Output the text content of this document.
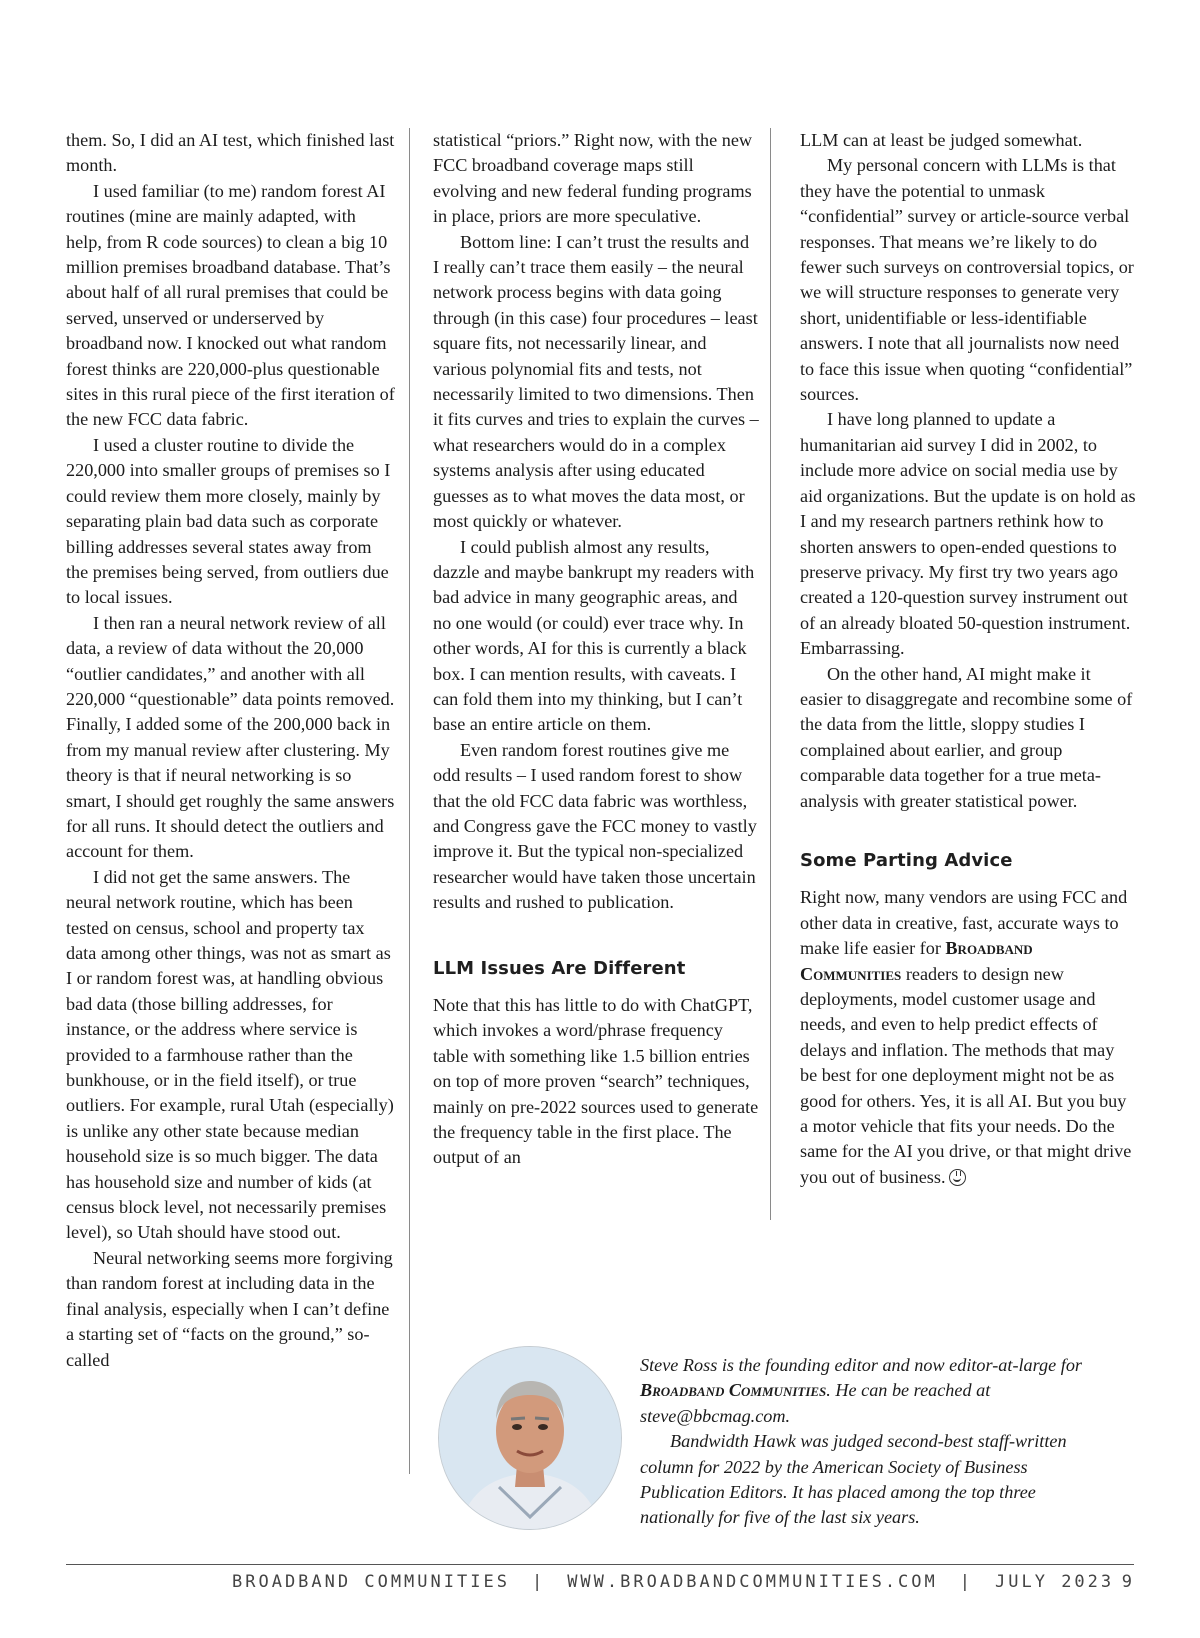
them. So, I did an AI test, which finished last month.

I used familiar (to me) random forest AI routines (mine are mainly adapted, with help, from R code sources) to clean a big 10 million premises broadband database. That’s about half of all rural premises that could be served, unserved or underserved by broadband now. I knocked out what random forest thinks are 220,000-plus questionable sites in this rural piece of the first iteration of the new FCC data fabric.

I used a cluster routine to divide the 220,000 into smaller groups of premises so I could review them more closely, mainly by separating plain bad data such as corporate billing addresses several states away from the premises being served, from outliers due to local issues.

I then ran a neural network review of all data, a review of data without the 20,000 “outlier candidates,” and another with all 220,000 “questionable” data points removed. Finally, I added some of the 200,000 back in from my manual review after clustering. My theory is that if neural networking is so smart, I should get roughly the same answers for all runs. It should detect the outliers and account for them.

I did not get the same answers. The neural network routine, which has been tested on census, school and property tax data among other things, was not as smart as I or random forest was, at handling obvious bad data (those billing addresses, for instance, or the address where service is provided to a farmhouse rather than the bunkhouse, or in the field itself), or true outliers. For example, rural Utah (especially) is unlike any other state because median household size is so much bigger. The data has household size and number of kids (at census block level, not necessarily premises level), so Utah should have stood out.

Neural networking seems more forgiving than random forest at including data in the final analysis, especially when I can’t define a starting set of “facts on the ground,” so-called

statistical “priors.” Right now, with the new FCC broadband coverage maps still evolving and new federal funding programs in place, priors are more speculative.

Bottom line: I can’t trust the results and I really can’t trace them easily – the neural network process begins with data going through (in this case) four procedures – least square fits, not necessarily linear, and various polynomial fits and tests, not necessarily limited to two dimensions. Then it fits curves and tries to explain the curves – what researchers would do in a complex systems analysis after using educated guesses as to what moves the data most, or most quickly or whatever.

I could publish almost any results, dazzle and maybe bankrupt my readers with bad advice in many geographic areas, and no one would (or could) ever trace why. In other words, AI for this is currently a black box. I can mention results, with caveats. I can fold them into my thinking, but I can’t base an entire article on them.

Even random forest routines give me odd results – I used random forest to show that the old FCC data fabric was worthless, and Congress gave the FCC money to vastly improve it. But the typical non-specialized researcher would have taken those uncertain results and rushed to publication.

LLM Issues Are Different

Note that this has little to do with ChatGPT, which invokes a word/phrase frequency table with something like 1.5 billion entries on top of more proven “search” techniques, mainly on pre-2022 sources used to generate the frequency table in the first place. The output of an

LLM can at least be judged somewhat.

My personal concern with LLMs is that they have the potential to unmask “confidential” survey or article-source verbal responses. That means we’re likely to do fewer such surveys on controversial topics, or we will structure responses to generate very short, unidentifiable or less-identifiable answers. I note that all journalists now need to face this issue when quoting “confidential” sources.

I have long planned to update a humanitarian aid survey I did in 2002, to include more advice on social media use by aid organizations. But the update is on hold as I and my research partners rethink how to shorten answers to open-ended questions to preserve privacy. My first try two years ago created a 120-question survey instrument out of an already bloated 50-question instrument. Embarrassing.

On the other hand, AI might make it easier to disaggregate and recombine some of the data from the little, sloppy studies I complained about earlier, and group comparable data together for a true meta-analysis with greater statistical power.

Some Parting Advice

Right now, many vendors are using FCC and other data in creative, fast, accurate ways to make life easier for Broadband Communities readers to design new deployments, model customer usage and needs, and even to help predict effects of delays and inflation. The methods that may be best for one deployment might not be as good for others. Yes, it is all AI. But you buy a motor vehicle that fits your needs. Do the same for the AI you drive, or that might drive you out of business.

Steve Ross is the founding editor and now editor-at-large for Broadband Communities. He can be reached at steve@bbcmag.com.

Bandwidth Hawk was judged second-best staff-written column for 2022 by the American Society of Business Publication Editors. It has placed among the top three nationally for five of the last six years.

BROADBAND COMMUNITIES | WWW.BROADBANDCOMMUNITIES.COM | JULY 2023 9
